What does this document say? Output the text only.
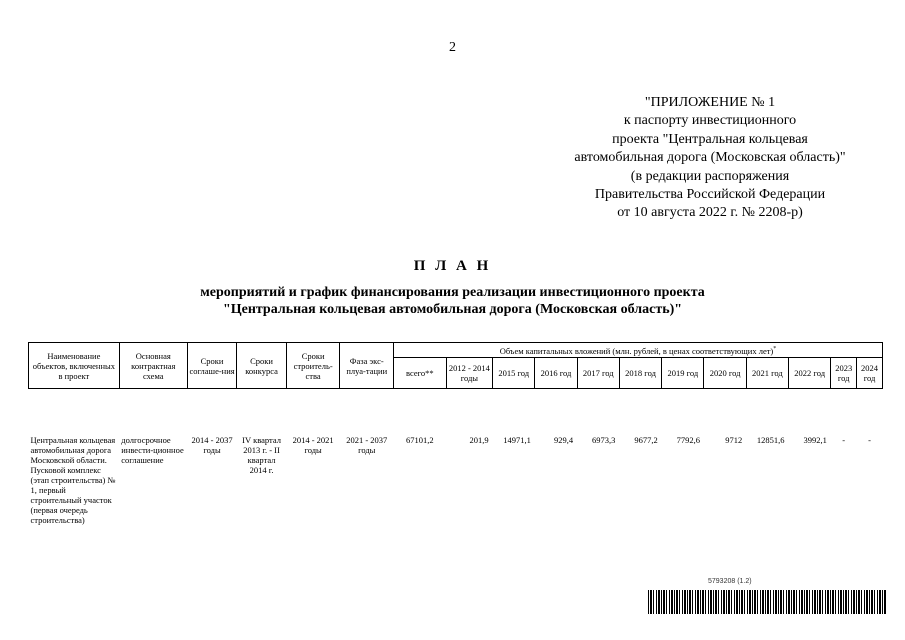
2
"ПРИЛОЖЕНИЕ № 1
к паспорту инвестиционного
проекта "Центральная кольцевая
автомобильная дорога (Московская область)"
(в редакции распоряжения
Правительства Российской Федерации
от 10 августа 2022 г. № 2208-р)
П Л А Н
мероприятий и график финансирования реализации инвестиционного проекта
"Центральная кольцевая автомобильная дорога (Московская область)"
Наименование объектов, включенных в проект	Основная контрактная схема	Сроки соглаше-ния	Сроки конкурса	Сроки строитель-ства	Фаза экс-плуа-тации	Объем капитальных вложений (млн. рублей, в ценах соответствующих лет)*
						всего**	2012 - 2014 годы	2015 год	2016 год	2017 год	2018 год	2019 год	2020 год	2021 год	2022 год	2023 год	2024 год

Центральная кольцевая автомобильная дорога Московской области. Пусковой комплекс (этап строительства) № 1, первый строительный участок (первая очередь строительства)	долгосрочное инвести-ционное соглашение	2014 - 2037 годы	IV квартал 2013 г. - II квартал 2014 г.	2014 - 2021 годы	2021 - 2037 годы	67101,2	201,9	14971,1	929,4	6973,3	9677,2	7792,6	9712	12851,6	3992,1	-	-
5793208 (1.2)
